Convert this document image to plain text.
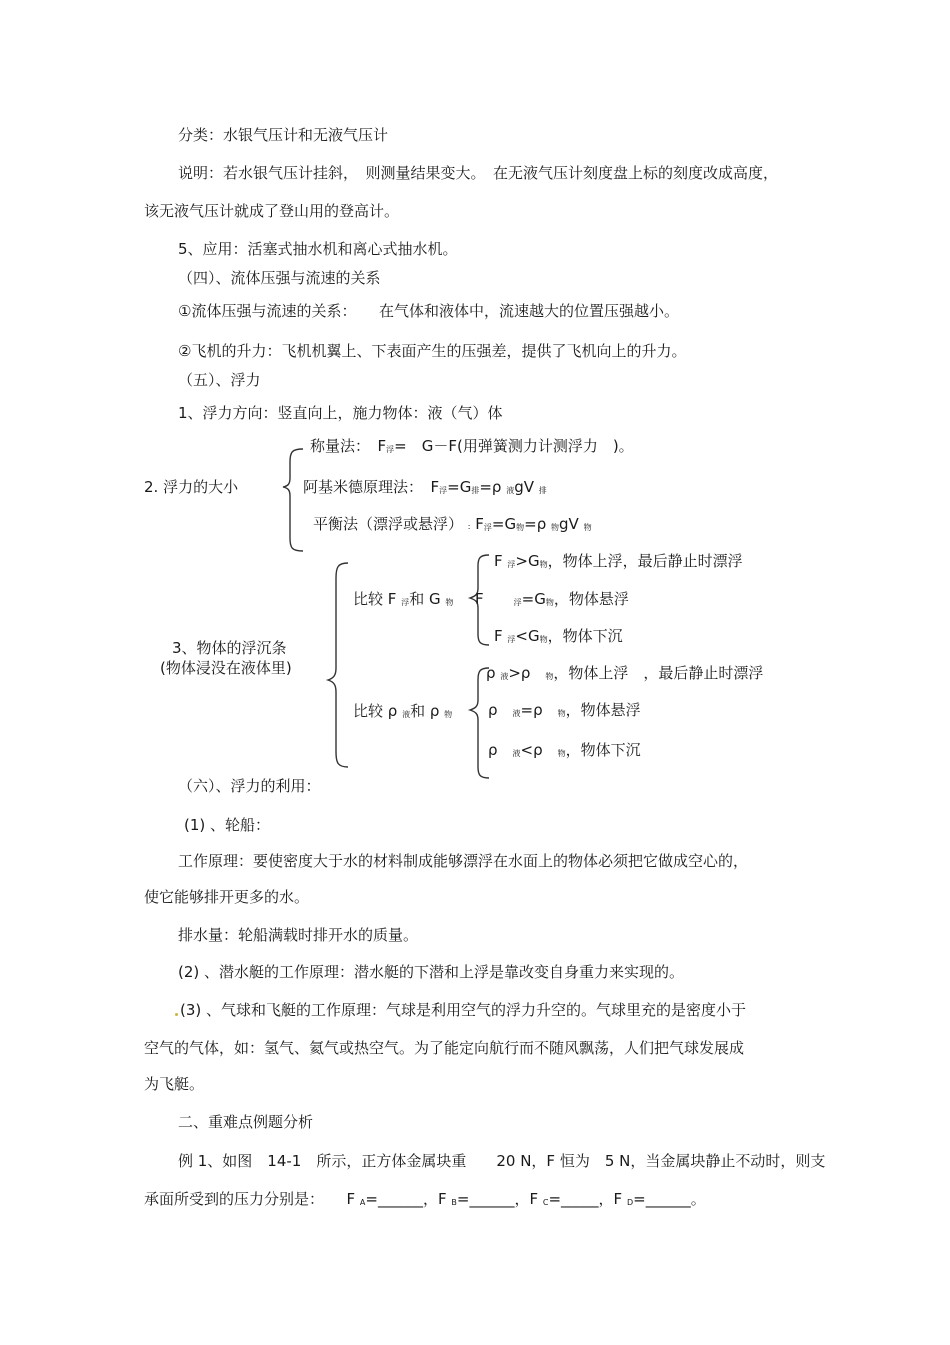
分类：水银气压计和无液气压计
说明：若水银气压计挂斜，　则测量结果变大。　在无液气压计刻度盘上标的刻度改成高度，
该无液气压计就成了登山用的登高计。
5、应用：活塞式抽水机和离心式抽水机。
（四）、流体压强与流速的关系
①流体压强与流速的关系：　　在气体和液体中，流速越大的位置压强越小。
②飞机的升力：飞机机翼上、下表面产生的压强差，提供了飞机向上的升力。
（五）、浮力
1、浮力方向：竖直向上，施力物体：液（气）体
2. 浮力的大小
称量法：　F浮=　G－F(用弹簧测力计测浮力　)。
阿基米德原理法：　F浮=G排=ρ 液gV 排
平衡法（漂浮或悬浮） : F浮=G物=ρ 物gV 物
3、物体的浮沉条
(物体浸没在液体里)
比较 F 浮和 G 物
比较 ρ 液和 ρ 物
F 浮>G物，物体上浮，最后静止时漂浮
F　　	浮=G物，物体悬浮
F 浮<G物，物体下沉
ρ 液>ρ　 物，物体上浮　，最后静止时漂浮
ρ　 液=ρ　 物，物体悬浮
ρ　 液<ρ　 物，物体下沉
（六）、浮力的利用：
(1) 、轮船：
工作原理：要使密度大于水的材料制成能够漂浮在水面上的物体必须把它做成空心的，
使它能够排开更多的水。
排水量：轮船满载时排开水的质量。
(2) 、潜水艇的工作原理：潜水艇的下潜和上浮是靠改变自身重力来实现的。
(3) 、气球和飞艇的工作原理：气球是利用空气的浮力升空的。气球里充的是密度小于
空气的气体，如：氢气、氦气或热空气。为了能定向航行而不随风飘荡，人们把气球发展成
为飞艇。
二、重难点例题分析
例 1、如图　14-1　所示，正方体金属块重　　20 N，F 恒为　5 N，当金属块静止不动时，则支
承面所受到的压力分别是：　　F A=______，F B=______，F C=_____，F D=______。
